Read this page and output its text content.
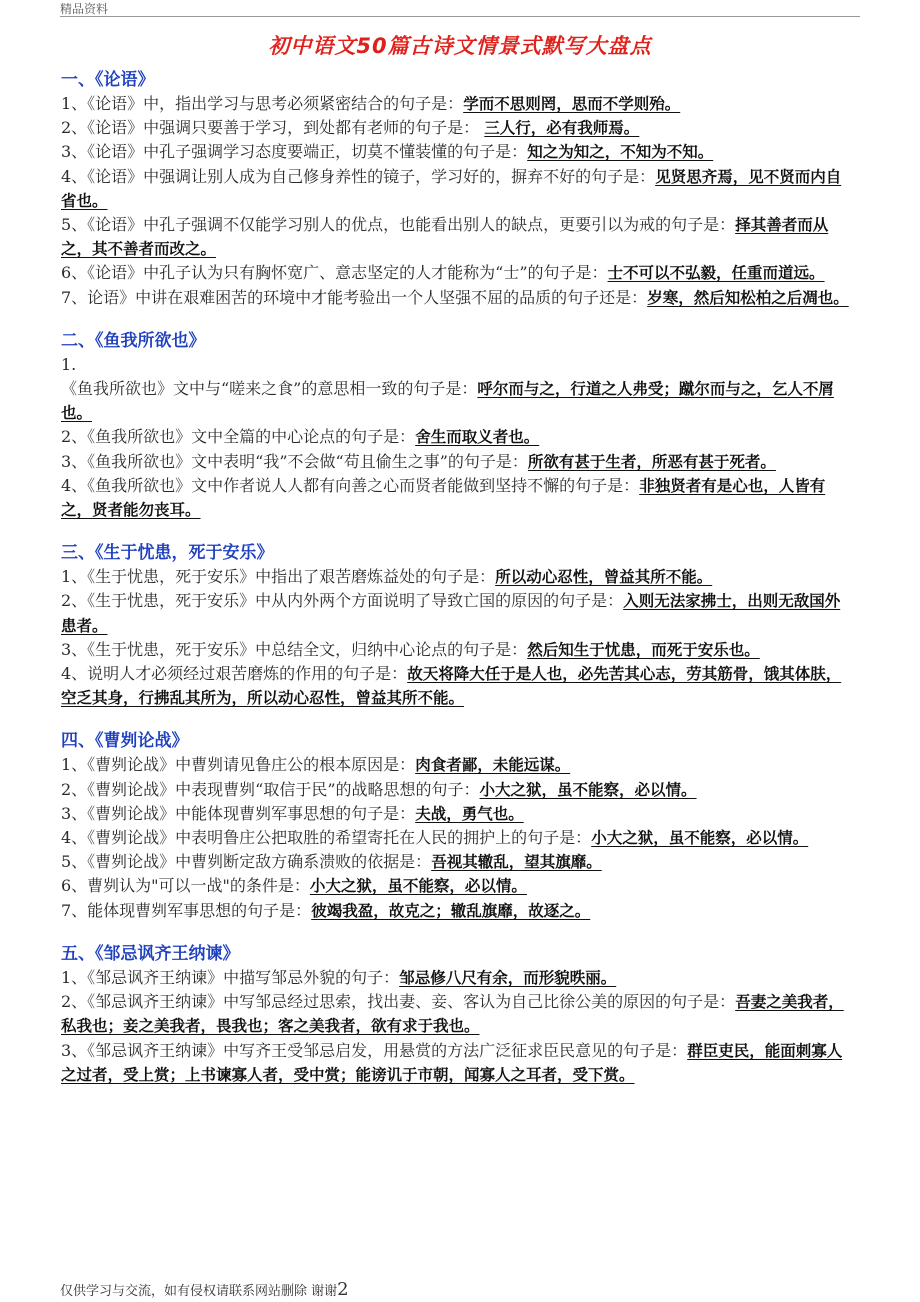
精品资料
初中语文50篇古诗文情景式默写大盘点
一、《论语》

1、《论语》中，指出学习与思考必须紧密结合的句子是：学而不思则罔，思而不学则殆。

2、《论语》中强调只要善于学习，到处都有老师的句子是： 三人行，必有我师焉。

3、《论语》中孔子强调学习态度要端正，切莫不懂装懂的句子是：知之为知之，不知为不知。

4、《论语》中强调让别人成为自己修身养性的镜子，学习好的，摒弃不好的句子是：见贤思齐焉，见不贤而内自省也。

5、《论语》中孔子强调不仅能学习别人的优点，也能看出别人的缺点，更要引以为戒的句子是：择其善者而从之，其不善者而改之。

6、《论语》中孔子认为只有胸怀宽广、意志坚定的人才能称为“士”的句子是：士不可以不弘毅，任重而道远。

7、论语》中讲在艰难困苦的环境中才能考验出一个人坚强不屈的品质的句子还是：岁寒，然后知松柏之后凋也。

二、《鱼我所欲也》

1.
《鱼我所欲也》文中与“嗟来之食”的意思相一致的句子是：呼尔而与之，行道之人弗受；蹴尔而与之，乞人不屑也。

2、《鱼我所欲也》文中全篇的中心论点的句子是：舍生而取义者也。

3、《鱼我所欲也》文中表明“我”不会做“苟且偷生之事”的句子是：所欲有甚于生者，所恶有甚于死者。

4、《鱼我所欲也》文中作者说人人都有向善之心而贤者能做到坚持不懈的句子是：非独贤者有是心也，人皆有之，贤者能勿丧耳。

三、《生于忧患，死于安乐》

1、《生于忧患，死于安乐》中指出了艰苦磨炼益处的句子是：所以动心忍性，曾益其所不能。

2、《生于忧患，死于安乐》中从内外两个方面说明了导致亡国的原因的句子是：入则无法家拂士，出则无敌国外患者。

3、《生于忧患，死于安乐》中总结全文，归纳中心论点的句子是：然后知生于忧患，而死于安乐也。

4、说明人才必须经过艰苦磨炼的作用的句子是：故天将降大任于是人也，必先苦其心志，劳其筋骨，饿其体肤，空乏其身，行拂乱其所为，所以动心忍性，曾益其所不能。

四、《曹刿论战》

1、《曹刿论战》中曹刿请见鲁庄公的根本原因是：肉食者鄙，未能远谋。

2、《曹刿论战》中表现曹刿“取信于民”的战略思想的句子：小大之狱，虽不能察，必以情。

3、《曹刿论战》中能体现曹刿军事思想的句子是：夫战，勇气也。

4、《曹刿论战》中表明鲁庄公把取胜的希望寄托在人民的拥护上的句子是：小大之狱，虽不能察，必以情。

5、《曹刿论战》中曹刿断定敌方确系溃败的依据是：吾视其辙乱，望其旗靡。

6、曹刿认为"可以一战"的条件是：小大之狱，虽不能察，必以情。

7、能体现曹刿军事思想的句子是：彼竭我盈，故克之；辙乱旗靡，故逐之。

五、《邹忌讽齐王纳谏》

1、《邹忌讽齐王纳谏》中描写邹忌外貌的句子：邹忌修八尺有余，而形貌昳丽。

2、《邹忌讽齐王纳谏》中写邹忌经过思索，找出妻、妾、客认为自己比徐公美的原因的句子是：吾妻之美我者，私我也；妾之美我者，畏我也；客之美我者，欲有求于我也。

3、《邹忌讽齐王纳谏》中写齐王受邹忌启发，用悬赏的方法广泛征求臣民意见的句子是：群臣吏民，能面刺寡人之过者，受上赏；上书谏寡人者，受中赏；能谤讥于市朝，闻寡人之耳者，受下赏。

仅供学习与交流，如有侵权请联系网站删除 谢谢2
